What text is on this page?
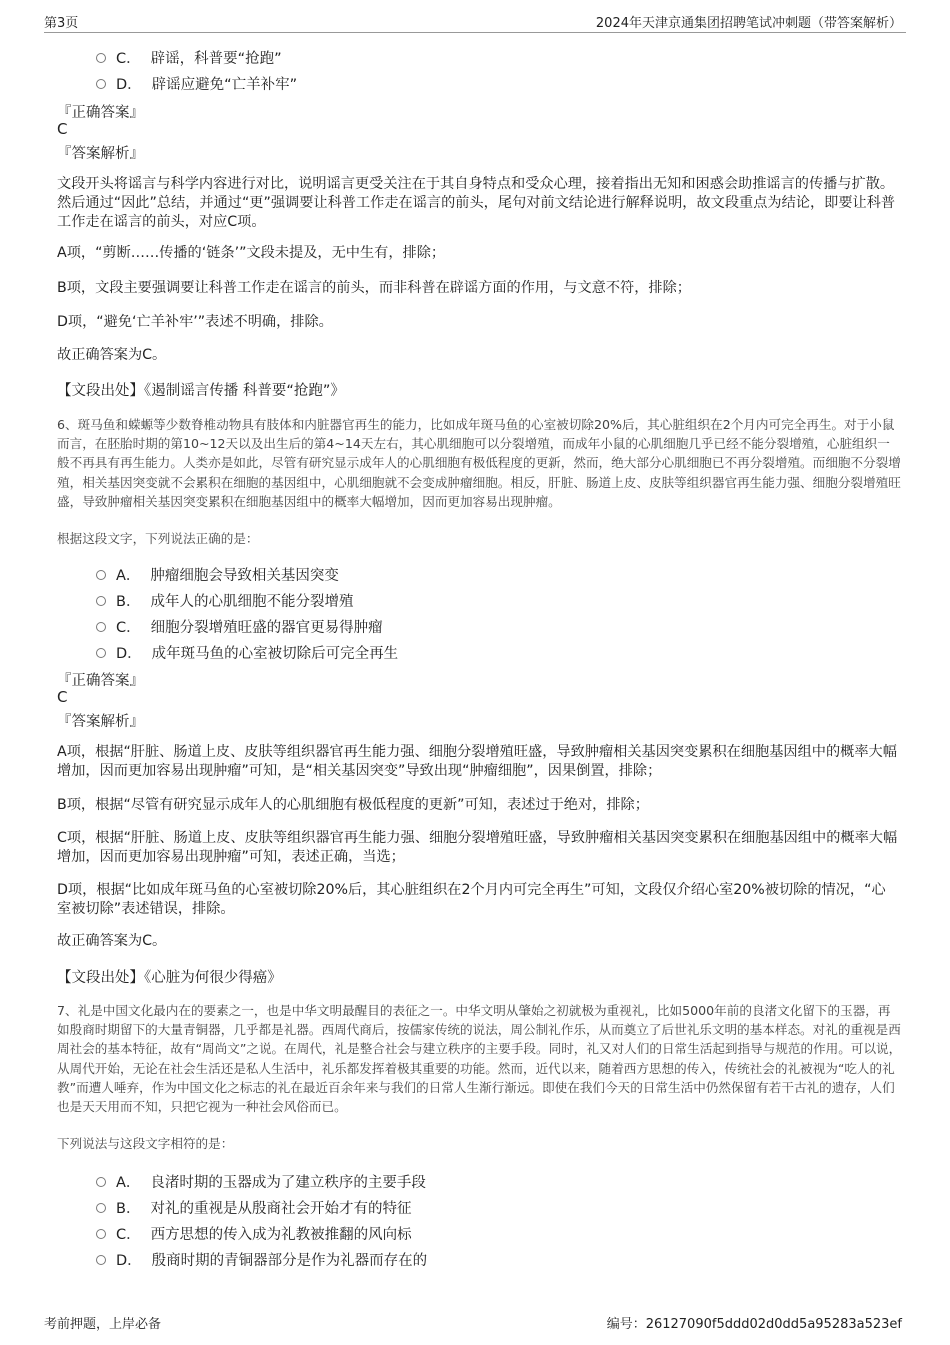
第3页	2024年天津京通集团招聘笔试冲刺题（带答案解析）
C． 辟谣，科普要“抢跑”
D． 辟谣应避免“亡羊补牢”
『正确答案』
C
『答案解析』
文段开头将谣言与科学内容进行对比，说明谣言更受关注在于其自身特点和受众心理，接着指出无知和困惑会助推谣言的传播与扩散。然后通过“因此”总结，并通过“更”强调要让科普工作走在谣言的前头，尾句对前文结论进行解释说明，故文段重点为结论，即要让科普工作走在谣言的前头，对应C项。
A项，“剪断……传播的‘链条’”文段未提及，无中生有，排除；
B项，文段主要强调要让科普工作走在谣言的前头，而非科普在辟谣方面的作用，与文意不符，排除；
D项，“避免‘亡羊补牢’”表述不明确，排除。
故正确答案为C。
【文段出处】《遏制谣言传播 科普要“抢跑”》
6、斑马鱼和蝾螈等少数脊椎动物具有肢体和内脏器官再生的能力，比如成年斑马鱼的心室被切除20%后，其心脏组织在2个月内可完全再生。对于小鼠而言，在胚胎时期的第10~12天以及出生后的第4~14天左右，其心肌细胞可以分裂增殖，而成年小鼠的心肌细胞几乎已经不能分裂增殖，心脏组织一般不再具有再生能力。人类亦是如此，尽管有研究显示成年人的心肌细胞有极低程度的更新，然而，绝大部分心肌细胞已不再分裂增殖。而细胞不分裂增殖，相关基因突变就不会累积在细胞的基因组中，心肌细胞就不会变成肿瘤细胞。相反，肝脏、肠道上皮、皮肤等组织器官再生能力强、细胞分裂增殖旺盛，导致肿瘤相关基因突变累积在细胞基因组中的概率大幅增加，因而更加容易出现肿瘤。
根据这段文字，下列说法正确的是：
A． 肿瘤细胞会导致相关基因突变
B． 成年人的心肌细胞不能分裂增殖
C． 细胞分裂增殖旺盛的器官更易得肿瘤
D． 成年斑马鱼的心室被切除后可完全再生
『正确答案』
C
『答案解析』
A项，根据“肝脏、肠道上皮、皮肤等组织器官再生能力强、细胞分裂增殖旺盛，导致肿瘤相关基因突变累积在细胞基因组中的概率大幅增加，因而更加容易出现肿瘤”可知，是“相关基因突变”导致出现“肿瘤细胞”，因果倒置，排除；
B项，根据“尽管有研究显示成年人的心肌细胞有极低程度的更新”可知，表述过于绝对，排除；
C项，根据“肝脏、肠道上皮、皮肤等组织器官再生能力强、细胞分裂增殖旺盛，导致肿瘤相关基因突变累积在细胞基因组中的概率大幅增加，因而更加容易出现肿瘤”可知，表述正确，当选；
D项，根据“比如成年斑马鱼的心室被切除20%后，其心脏组织在2个月内可完全再生”可知，文段仅介绍心室20%被切除的情况，“心室被切除”表述错误，排除。
故正确答案为C。
【文段出处】《心脏为何很少得癌》
7、礼是中国文化最内在的要素之一，也是中华文明最醒目的表征之一。中华文明从肇始之初就极为重视礼，比如5000年前的良渚文化留下的玉器，再如殷商时期留下的大量青铜器，几乎都是礼器。西周代商后，按儒家传统的说法，周公制礼作乐，从而奠立了后世礼乐文明的基本样态。对礼的重视是西周社会的基本特征，故有“周尚文”之说。在周代，礼是整合社会与建立秩序的主要手段。同时，礼又对人们的日常生活起到指导与规范的作用。可以说，从周代开始，无论在社会生活还是私人生活中，礼乐都发挥着极其重要的功能。然而，近代以来，随着西方思想的传入，传统社会的礼被视为“吃人的礼教”而遭人唾弃，作为中国文化之标志的礼在最近百余年来与我们的日常人生渐行渐远。即使在我们今天的日常生活中仍然保留有若干古礼的遗存，人们也是天天用而不知，只把它视为一种社会风俗而已。
下列说法与这段文字相符的是：
A． 良渚时期的玉器成为了建立秩序的主要手段
B． 对礼的重视是从殷商社会开始才有的特征
C． 西方思想的传入成为礼教被推翻的风向标
D． 殷商时期的青铜器部分是作为礼器而存在的
考前押题，上岸必备	编号：26127090f5ddd02d0dd5a95283a523ef
